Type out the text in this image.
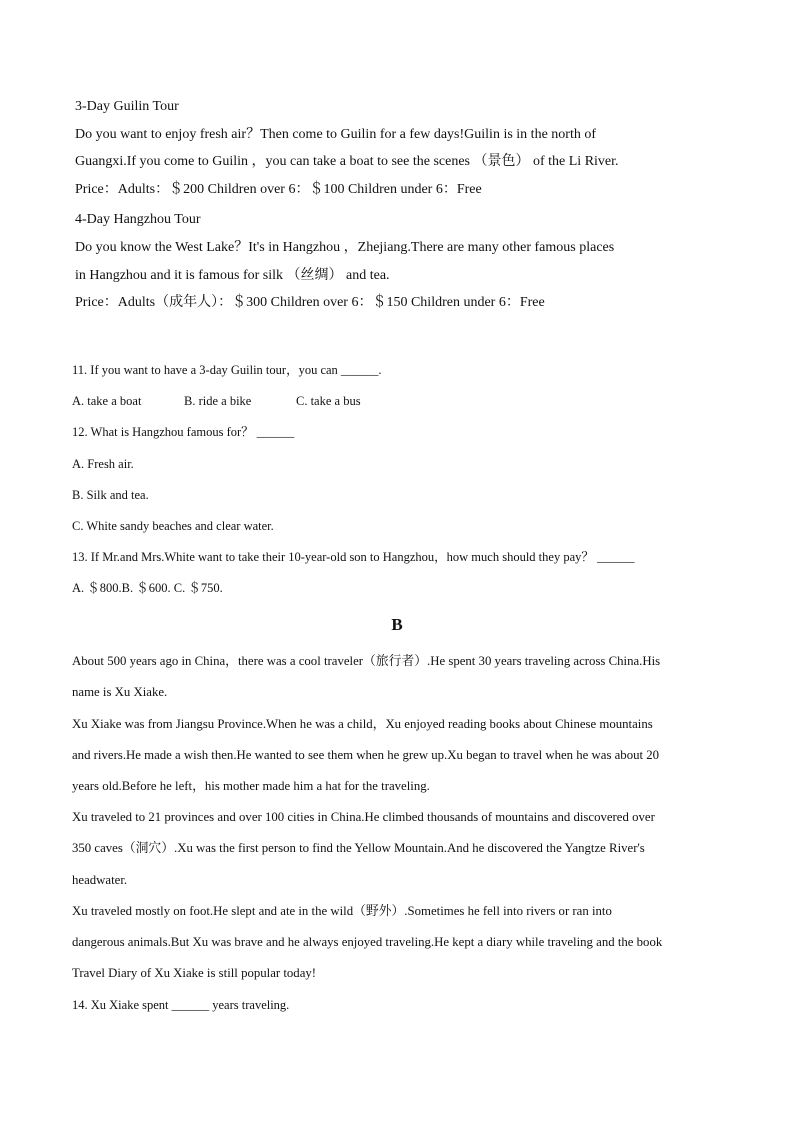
3-Day Guilin Tour
Do you want to enjoy fresh air？Then come to Guilin for a few days!Guilin is in the north of
Guangxi.If you come to Guilin ，you can take a boat to see the scenes （景色） of the Li River.
Price：Adults：＄200 Children over 6：＄100 Children under 6：Free
4-Day Hangzhou Tour
Do you know the West Lake？It's in Hangzhou ，Zhejiang.There are many other famous places
in Hangzhou and it is famous for silk （丝绸） and tea.
Price：Adults（成年人）：＄300 Children over 6：＄150 Children under 6：Free
11. If you want to have a 3-day Guilin tour，you can ______.
A. take a boat	B. ride a bike	C. take a bus
12. What is Hangzhou famous for？ ______
A. Fresh air.
B. Silk and tea.
C. White sandy beaches and clear water.
13. If Mr.and Mrs.White want to take their 10-year-old son to Hangzhou，how much should they pay？ ______
A. ＄800.B. ＄600. C. ＄750.
B
About 500 years ago in China，there was a cool traveler（旅行者）.He spent 30 years traveling across China.His
name is Xu Xiake.
Xu Xiake was from Jiangsu Province.When he was a child，Xu enjoyed reading books about Chinese mountains
and rivers.He made a wish then.He wanted to see them when he grew up.Xu began to travel when he was about 20
years old.Before he left，his mother made him a hat for the traveling.
Xu traveled to 21 provinces and over 100 cities in China.He climbed thousands of mountains and discovered over
350 caves（洞穴）.Xu was the first person to find the Yellow Mountain.And he discovered the Yangtze River's
headwater.
Xu traveled mostly on foot.He slept and ate in the wild（野外）.Sometimes he fell into rivers or ran into
dangerous animals.But Xu was brave and he always enjoyed traveling.He kept a diary while traveling and the book
Travel Diary of Xu Xiake is still popular today!
14. Xu Xiake spent ______ years traveling.
